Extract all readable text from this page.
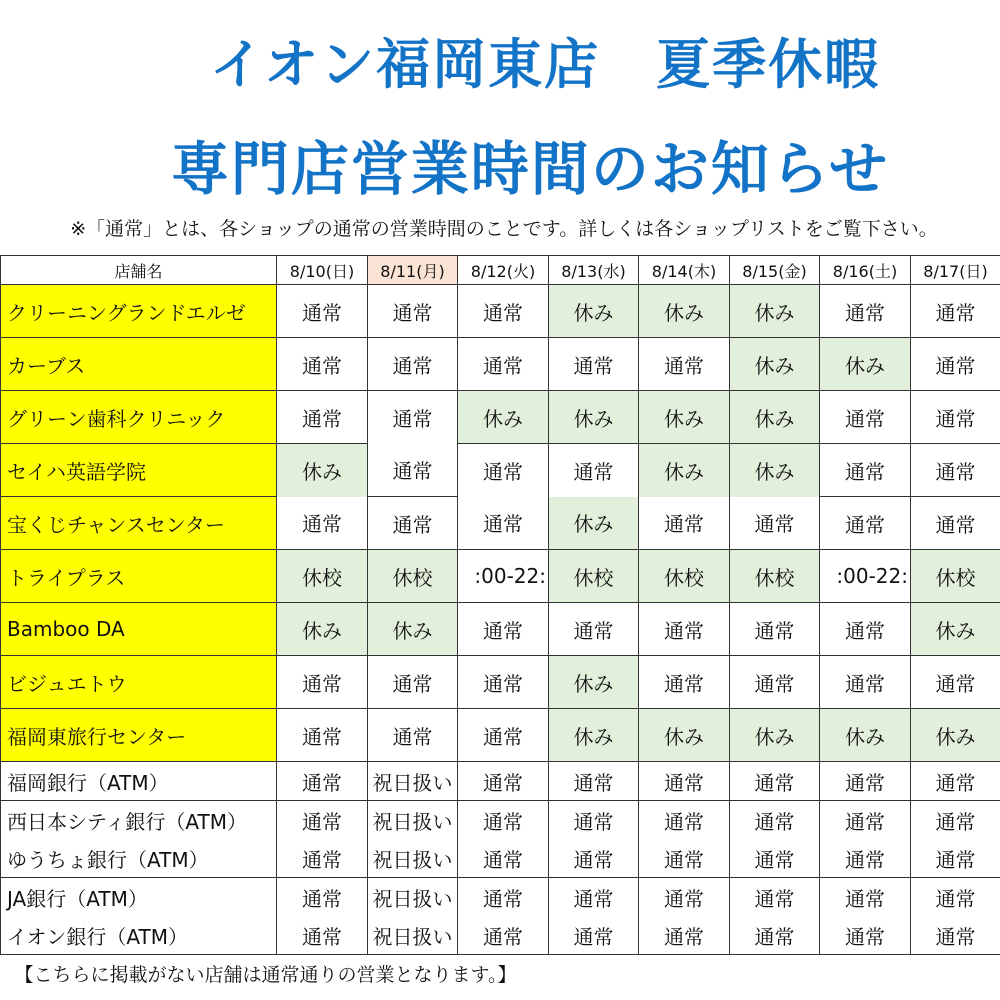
イオン福岡東店　夏季休暇
専門店営業時間のお知らせ
※「通常」とは、各ショップの通常の営業時間のことです。詳しくは各ショップリストをご覧下さい。
店舗名	8/10(日)	8/11(月)	8/12(火)	8/13(水)	8/14(木)	8/15(金)	8/16(土)	8/17(日)
クリーニングランドエルゼ	通常	通常	通常	休み	休み	休み	通常	通常
カーブス	通常	通常	通常	通常	通常	休み	休み	通常
グリーン歯科クリニック	通常	通常	休み	休み	休み	休み	通常	通常
セイハ英語学院	休み	通常	通常	通常	休み	休み	通常	通常
宝くじチャンスセンター	通常	通常	通常	休み	通常	通常	通常	通常
トライプラス	休校	休校	:00-22:	休校	休校	休校	:00-22:	休校
Bamboo DA	休み	休み	通常	通常	通常	通常	通常	休み
ビジュエトウ	通常	通常	通常	休み	通常	通常	通常	通常
福岡東旅行センター	通常	通常	通常	休み	休み	休み	休み	休み
福岡銀行（ATM）	通常	祝日扱い	通常	通常	通常	通常	通常	通常
西日本シティ銀行（ATM）	通常	祝日扱い	通常	通常	通常	通常	通常	通常
ゆうちょ銀行（ATM）	通常	祝日扱い	通常	通常	通常	通常	通常	通常
JA銀行（ATM）	通常	祝日扱い	通常	通常	通常	通常	通常	通常
イオン銀行（ATM）	通常	祝日扱い	通常	通常	通常	通常	通常	通常
【こちらに掲載がない店舗は通常通りの営業となります。】								
